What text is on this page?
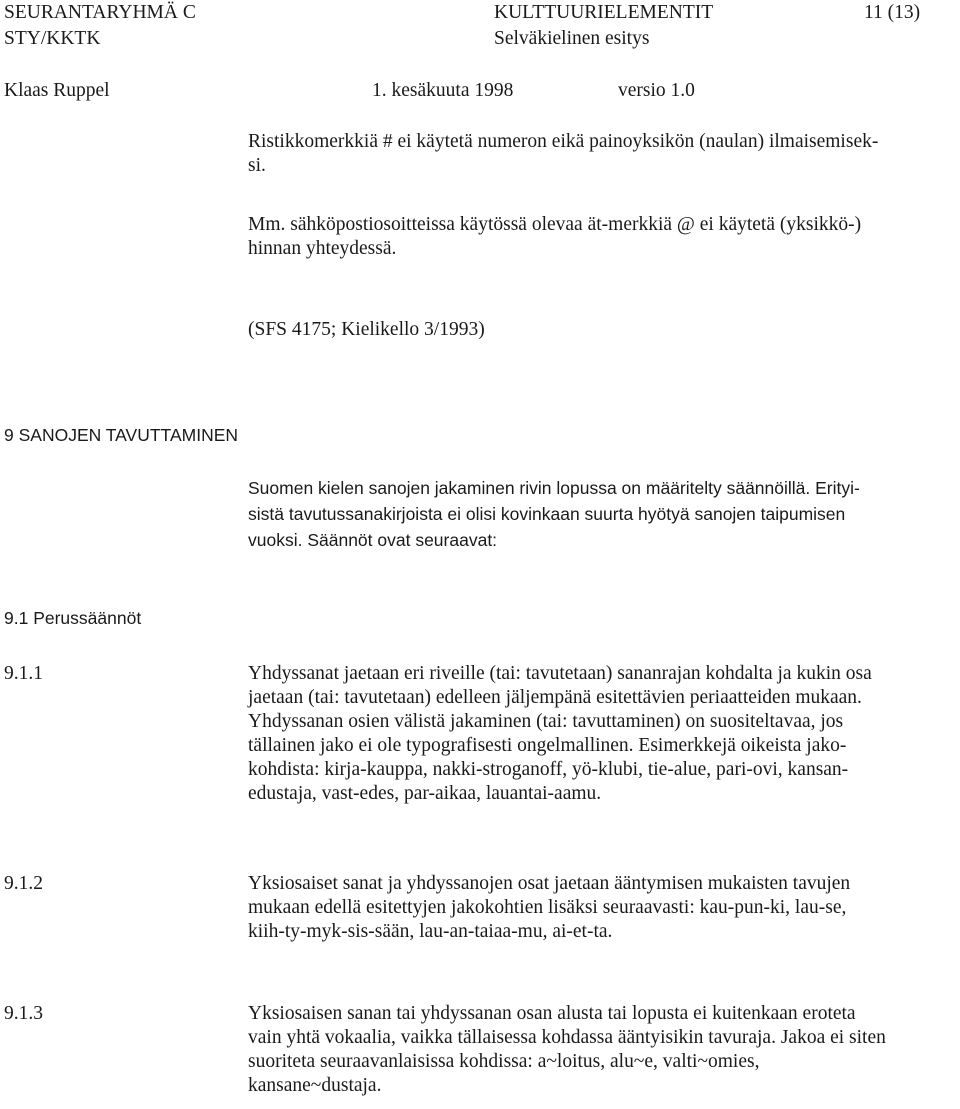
SEURANTARYHMÄ C
STY/KKTK
KULTTUURIELEMENTIT
Selväkielinen esitys
11 (13)
Klaas Ruppel	1. kesäkuuta 1998	versio 1.0
Ristikkomerkkiä # ei käytetä numeron eikä painoyksikön (naulan) ilmaisemisek-
si.
Mm. sähköpostiosoitteissa käytössä olevaa ät-merkkiä @ ei käytetä (yksikkö-)
hinnan yhteydessä.
(SFS 4175; Kielikello 3/1993)
9 SANOJEN TAVUTTAMINEN
Suomen kielen sanojen jakaminen rivin lopussa on määritelty säännöillä. Erityi-
sistä tavutussanakirjoista ei olisi kovinkaan suurta hyötyä sanojen taipumisen
vuoksi. Säännöt ovat seuraavat:
9.1 Perussäännöt
9.1.1	Yhdyssanat jaetaan eri riveille (tai: tavutetaan) sananrajan kohdalta ja kukin osa
jaetaan (tai: tavutetaan) edelleen jäljempänä esitettävien periaatteiden mukaan.
Yhdyssanan osien välistä jakaminen (tai: tavuttaminen) on suositeltavaa, jos
tällainen jako ei ole typografisesti ongelmallinen. Esimerkkejä oikeista jako-
kohdista: kirja-kauppa, nakki-stroganoff, yö-klubi, tie-alue, pari-ovi, kansan-
edustaja, vast-edes, par-aikaa, lauantai-aamu.
9.1.2	Yksiosaiset sanat ja yhdyssanojen osat jaetaan ääntymisen mukaisten tavujen
mukaan edellä esitettyjen jakokohtien lisäksi seuraavasti: kau-pun-ki, lau-se,
kiih-ty-myk-sis-sään, lau-an-taiaa-mu, ai-et-ta.
9.1.3	Yksiosaisen sanan tai yhdyssanan osan alusta tai lopusta ei kuitenkaan eroteta
vain yhtä vokaalia, vaikka tällaisessa kohdassa ääntyisikin tavuraja. Jakoa ei siten
suoriteta seuraavanlaisissa kohdissa: a~loitus, alu~e, valti~omies,
kansane~dustaja.
